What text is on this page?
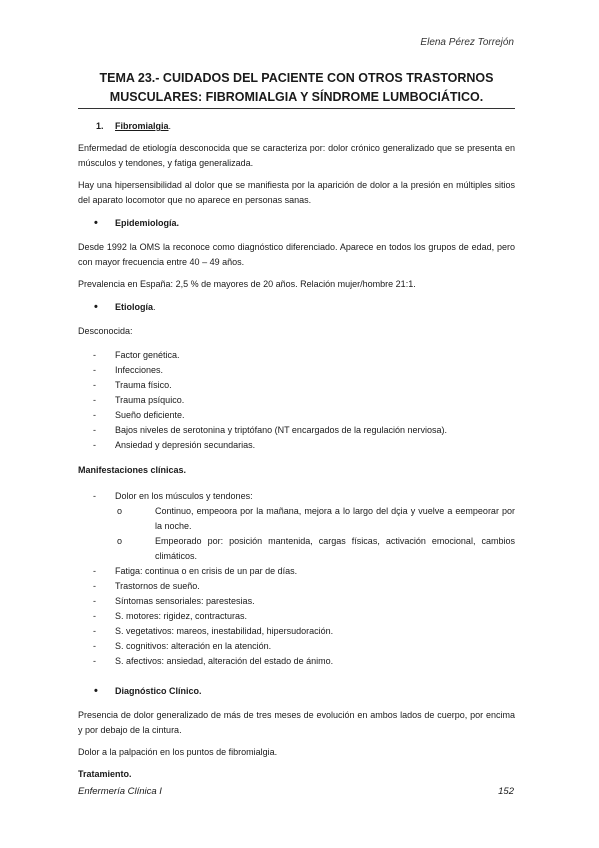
Elena Pérez Torrejón
TEMA 23.- CUIDADOS DEL PACIENTE CON OTROS TRASTORNOS
MUSCULARES: FIBROMIALGIA Y SÍNDROME LUMBOCIÁTICO.
1. Fibromialgia.

Enfermedad de etiología desconocida que se caracteriza por: dolor crónico generalizado que se presenta en músculos y tendones, y fatiga generalizada.

Hay una hipersensibilidad al dolor que se manifiesta por la aparición de dolor a la presión en múltiples sitios del aparato locomotor que no aparece en personas sanas.

• Epidemiología.

Desde 1992 la OMS la reconoce como diagnóstico diferenciado. Aparece en todos los grupos de edad, pero con mayor frecuencia entre 40 – 49 años.

Prevalencia en España: 2,5 % de mayores de 20 años. Relación mujer/hombre 21:1.

• Etiología.

Desconocida:

- Factor genética.
- Infecciones.
- Trauma físico.
- Trauma psíquico.
- Sueño deficiente.
- Bajos niveles de serotonina y triptófano (NT encargados de la regulación nerviosa).
- Ansiedad y depresión secundarias.
Manifestaciones clínicas.
- Dolor en los músculos y tendones:
o	Continuo, empeoora por la mañana, mejora a lo largo del dçia y vuelve a eempeorar por la noche.
o	Empeorado por: posición mantenida, cargas físicas, activación emocional, cambios climáticos.
- Fatiga: continua o en crisis de un par de días.
- Trastornos de sueño.
- Síntomas sensoriales: parestesias.
- S. motores: rigidez, contracturas.
- S. vegetativos: mareos, inestabilidad, hipersudoración.
- S. cognitivos: alteración en la atención.
- S. afectivos: ansiedad, alteración del estado de ánimo.
• Diagnóstico Clínico.

Presencia de dolor generalizado de más de tres meses de evolución en ambos lados de cuerpo, por encima y por debajo de la cintura.

Dolor a la palpación en los puntos de fibromialgia.

Tratamiento.
Enfermería Clínica I	152
